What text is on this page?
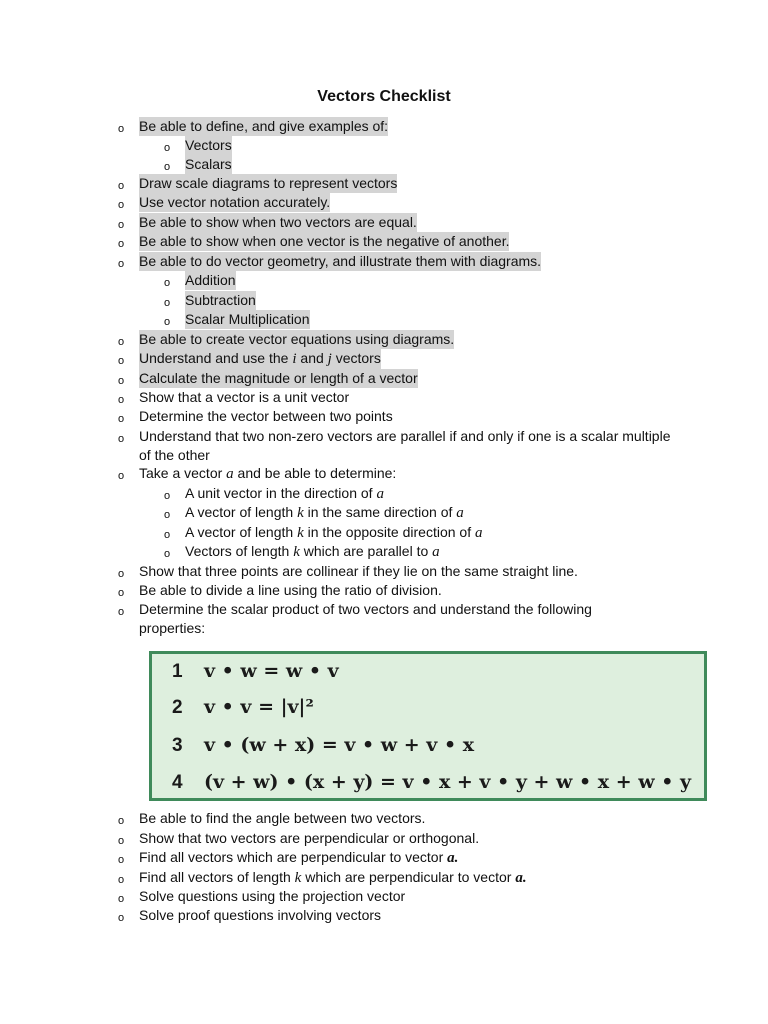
Vectors Checklist
o Be able to define, and give examples of:
o Vectors
o Scalars
o Draw scale diagrams to represent vectors
o Use vector notation accurately.
o Be able to show when two vectors are equal.
o Be able to show when one vector is the negative of another.
o Be able to do vector geometry, and illustrate them with diagrams.
o Addition
o Subtraction
o Scalar Multiplication
o Be able to create vector equations using diagrams.
o Understand and use the i and j vectors
o Calculate the magnitude or length of a vector
o Show that a vector is a unit vector
o Determine the vector between two points
o Understand that two non-zero vectors are parallel if and only if one is a scalar multiple of the other
o Take a vector a and be able to determine:
o A unit vector in the direction of a
o A vector of length k in the same direction of a
o A vector of length k in the opposite direction of a
o Vectors of length k which are parallel to a
o Show that three points are collinear if they lie on the same straight line.
o Be able to divide a line using the ratio of division.
o Determine the scalar product of two vectors and understand the following properties:
1 v • w = w • v
2 v • v = |v|²
3 v • (w + x) = v • w + v • x
4 (v + w) • (x + y) = v • x + v • y + w • x + w • y
o Be able to find the angle between two vectors.
o Show that two vectors are perpendicular or orthogonal.
o Find all vectors which are perpendicular to vector a.
o Find all vectors of length k which are perpendicular to vector a.
o Solve questions using the projection vector
o Solve proof questions involving vectors
